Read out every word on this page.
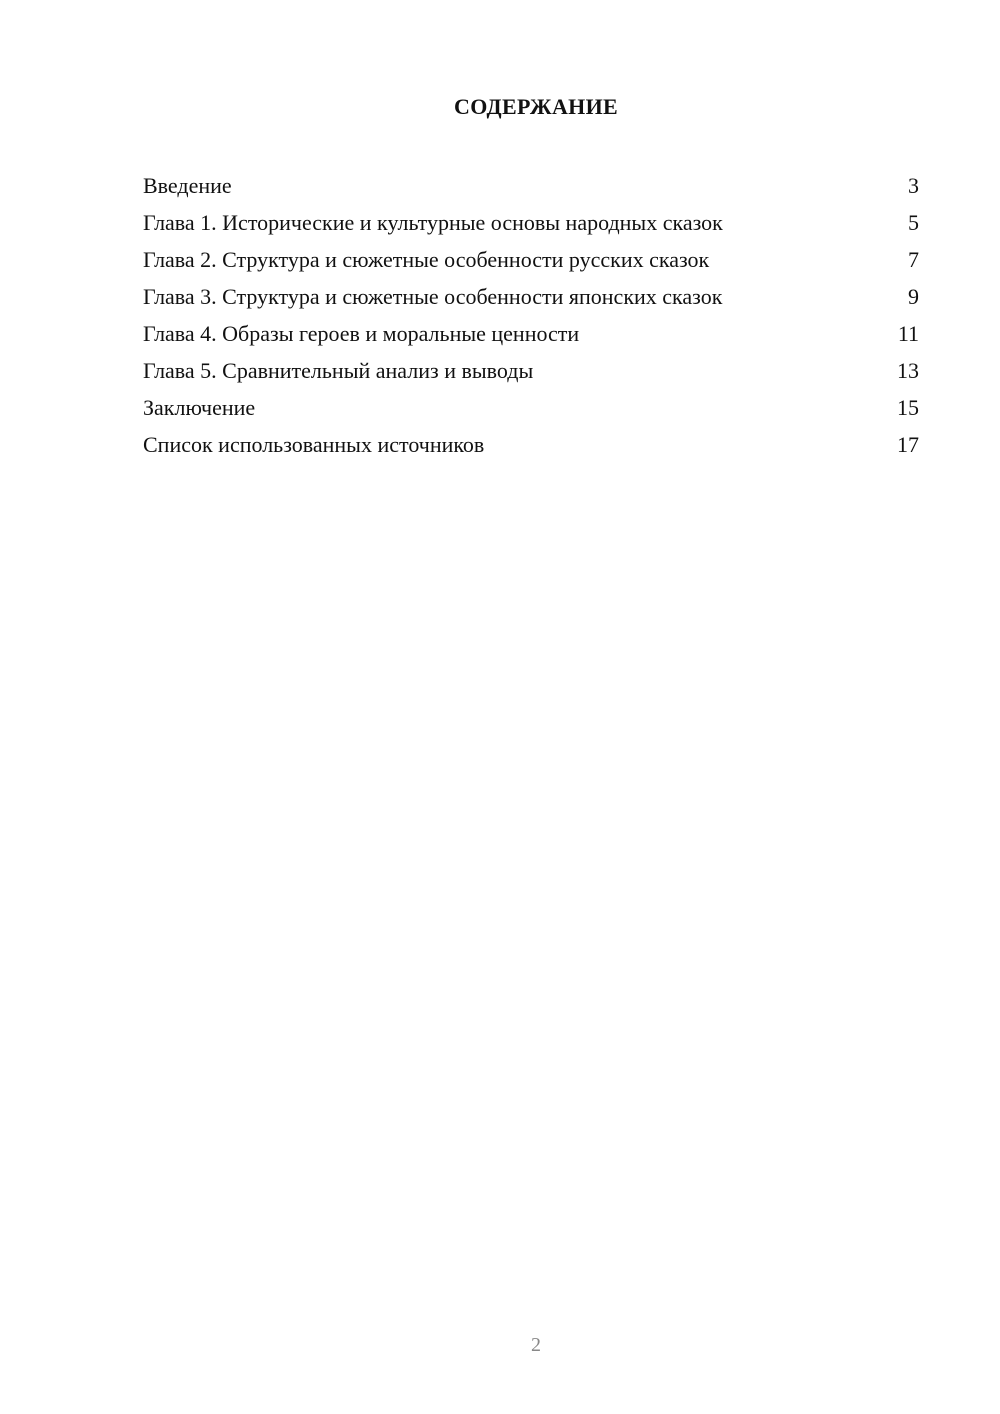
СОДЕРЖАНИЕ
Введение	3
Глава 1. Исторические и культурные основы народных сказок	5
Глава 2. Структура и сюжетные особенности русских сказок	7
Глава 3. Структура и сюжетные особенности японских сказок	9
Глава 4. Образы героев и моральные ценности	11
Глава 5. Сравнительный анализ и выводы	13
Заключение	15
Список использованных источников	17
2
